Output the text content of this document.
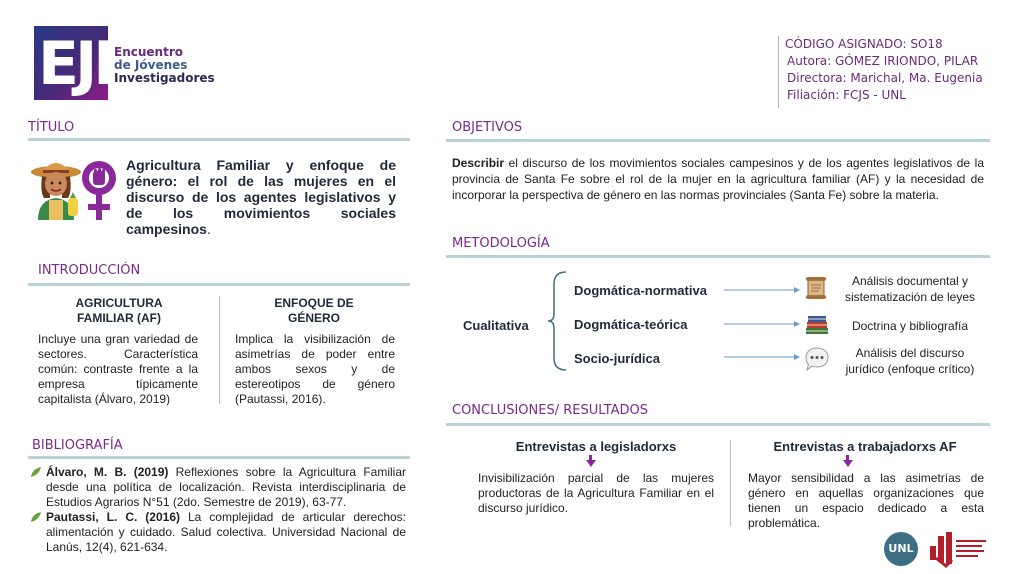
EJI Encuentro
de Jóvenes
Investigadores
CÓDIGO ASIGNADO: SO18
Autora: GÓMEZ IRIONDO, PILAR
Directora: Marichal, Ma. Eugenia
Filiación: FCJS - UNL
TÍTULO
Agricultura Familiar y enfoque de género: el rol de las mujeres en el discurso de los agentes legislativos y de los movimientos sociales campesinos.
INTRODUCCIÓN
AGRICULTURA FAMILIAR (AF)
Incluye una gran variedad de sectores. Característica común: contraste frente a la empresa típicamente capitalista (Álvaro, 2019)
ENFOQUE DE GÉNERO
Implica la visibilización de asimetrías de poder entre ambos sexos y de estereotipos de género (Pautassi, 2016).
BIBLIOGRAFÍA
Álvaro, M. B. (2019) Reflexiones sobre la Agricultura Familiar desde una política de localización. Revista interdisciplinaria de Estudios Agrarios N°51 (2do. Semestre de 2019), 63-77.
Pautassi, L. C. (2016) La complejidad de articular derechos: alimentación y cuidado. Salud colectiva. Universidad Nacional de Lanús, 12(4), 621-634.
OBJETIVOS
Describir el discurso de los movimientos sociales campesinos y de los agentes legislativos de la provincia de Santa Fe sobre el rol de la mujer en la agricultura familiar (AF) y la necesidad de incorporar la perspectiva de género en las normas provinciales (Santa Fe) sobre la materia.
METODOLOGÍA
Cualitativa
Dogmática-normativa
Dogmática-teórica
Socio-jurídica
Análisis documental y sistematización de leyes
Doctrina y bibliografía
Análisis del discurso jurídico (enfoque crítico)
CONCLUSIONES/ RESULTADOS
Entrevistas a legisladorxs
Invisibilización parcial de las mujeres productoras de la Agricultura Familiar en el discurso jurídico.
Entrevistas a trabajadorxs AF
Mayor sensibilidad a las asimetrías de género en aquellas organizaciones que tienen un espacio dedicado a esta problemática.
UNL
